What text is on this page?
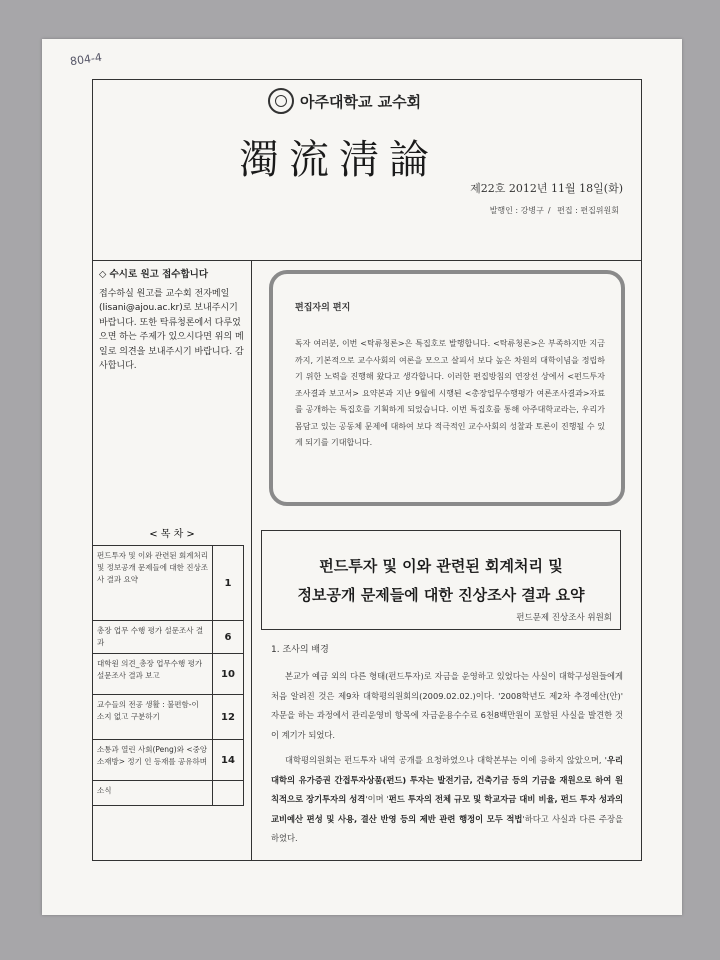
804-4
아주대학교 교수회
濁流淸論
제22호 2012년 11월 18일(화)
발행인 : 강병구 / 편집 : 편집위원회
◇ 수시로 원고 접수합니다
접수하실 원고를 교수회 전자메일(lisani@ajou.ac.kr)로 보내주시기 바랍니다. 또한 탁류청론에서 다루었으면 하는 주제가 있으시다면 위의 메일로 의견을 보내주시기 바랍니다. 감사합니다.
< 목 차 >
펀드투자 및 이와 관련된 회계처리 및 정보공개 문제들에 대한 진상조사 결과 요약	1
총장 업무 수행 평가 설문조사 결과	6
대학원 의견_총장 업무수행 평가 설문조사 결과 보고	10
교수들의 전공 생활 : 불편함-이 소지 없고 구분하기	12
소통과 열린 사회(Peng)와 <중앙 소재방> 정기 인 등재를 공유하며	14
소식
편집자의 편지

독자 여러분, 이번 <탁류청론>은 특집호로 발행합니다. <탁류청론>은 부족하지만 지금까지, 기본적으로 교수사회의 여론을 모으고 살피서 보다 높은 차원의 대학이념을 정립하기 위한 노력을 진행해 왔다고 생각합니다. 이러한 편집방침의 연장선 상에서 <펀드투자 조사결과 보고서> 요약본과 지난 9월에 시행된 <총장업무수행평가 여론조사결과>자료를 공개하는 특집호를 기획하게 되었습니다. 이번 특집호를 통해 아주대학교라는, 우리가 몸담고 있는 공동체 문제에 대하여 보다 적극적인 교수사회의 성찰과 토론이 진행될 수 있게 되기를 기대합니다.

펀드투자 및 이와 관련된 회계처리 및
정보공개 문제들에 대한 진상조사 결과 요약
펀드문제 진상조사 위원회
1. 조사의 배경

본교가 예금 외의 다른 형태(펀드투자)로 자금을 운영하고 있었다는 사실이 대학구성원들에게 처음 알려진 것은 제9차 대학평의원회의(2009.02.02.)이다. '2008학년도 제2차 추경예산(안)' 자문을 하는 과정에서 관리운영비 항목에 자금운용수수료 6천8백만원이 포함된 사실을 발견한 것이 계기가 되었다.

대학평의원회는 펀드투자 내역 공개를 요청하였으나 대학본부는 이에 응하지 않았으며, '우리 대학의 유가증권 간접투자상품(펀드) 투자는 발전기금, 건축기금 등의 기금을 재원으로 하여 원칙적으로 장기투자의 성격'이며 '펀드 투자의 전체 규모 및 학교자금 대비 비율, 펀드 투자 성과의 교비예산 편성 및 사용, 결산 반영 등의 제반 관련 행정이 모두 적법'하다고 사실과 다른 주장을 하였다.
